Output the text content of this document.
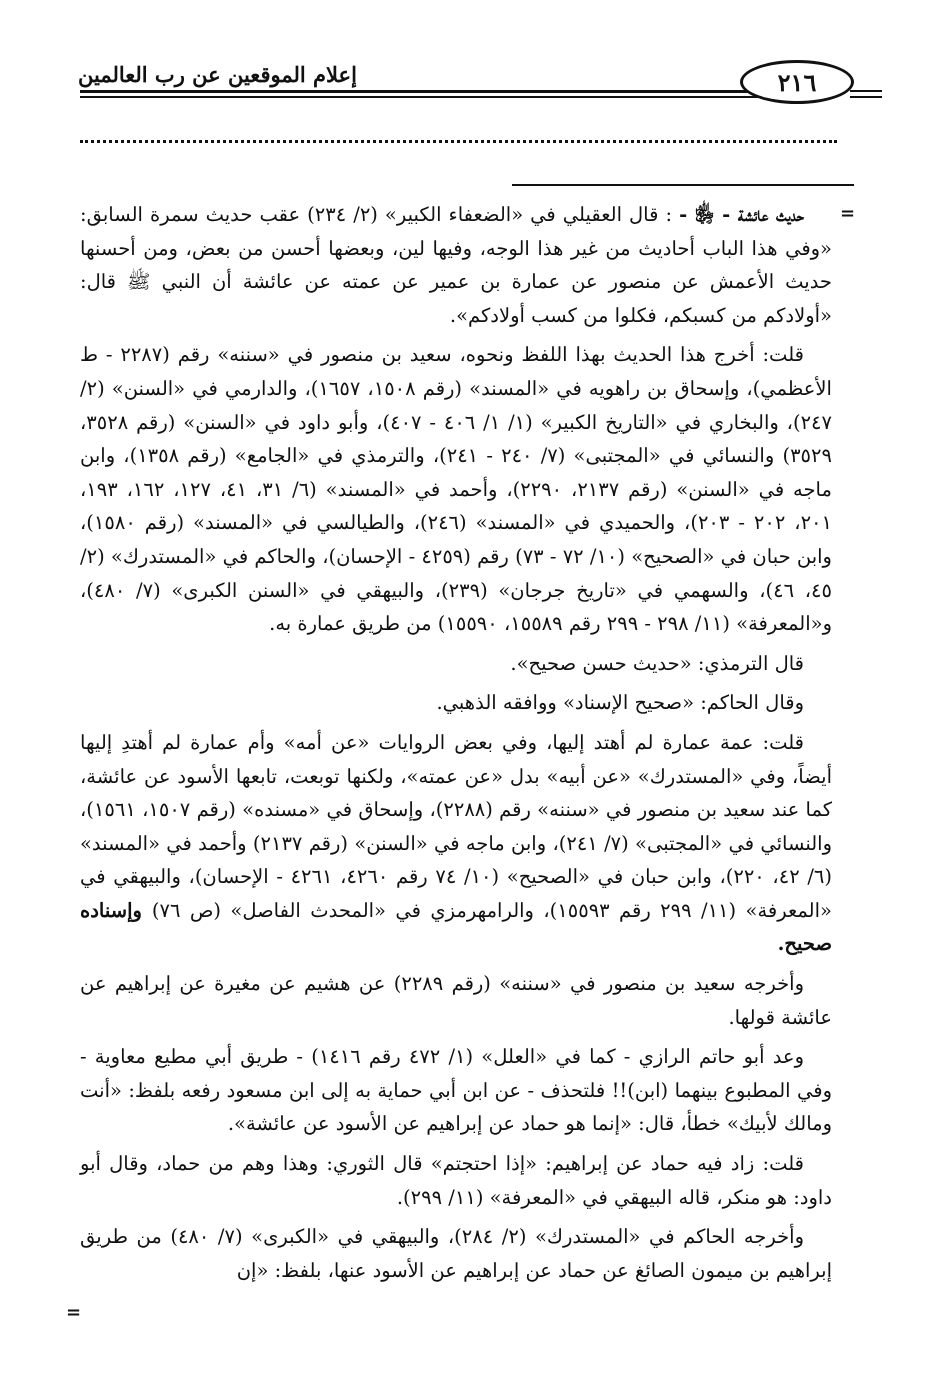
إعلام الموقعين عن رب العالمين	٢١٦
=

حديث عائشة - ﵂ - : قال العقيلي في «الضعفاء الكبير» (٢/ ٢٣٤) عقب حديث سمرة السابق: «وفي هذا الباب أحاديث من غير هذا الوجه، وفيها لين، وبعضها أحسن من بعض، ومن أحسنها حديث الأعمش عن منصور عن عمارة بن عمير عن عمته عن عائشة أن النبي ﷺ قال: «أولادكم من كسبكم، فكلوا من كسب أولادكم».

قلت: أخرج هذا الحديث بهذا اللفظ ونحوه، سعيد بن منصور في «سننه» رقم (٢٢٨٧ - ط الأعظمي)، وإسحاق بن راهويه في «المسند» (رقم ١٥٠٨، ١٦٥٧)، والدارمي في «السنن» (٢/ ٢٤٧)، والبخاري في «التاريخ الكبير» (١/ ١/ ٤٠٦ - ٤٠٧)، وأبو داود في «السنن» (رقم ٣٥٢٨، ٣٥٢٩) والنسائي في «المجتبى» (٧/ ٢٤٠ - ٢٤١)، والترمذي في «الجامع» (رقم ١٣٥٨)، وابن ماجه في «السنن» (رقم ٢١٣٧، ٢٢٩٠)، وأحمد في «المسند» (٦/ ٣١، ٤١، ١٢٧، ١٦٢، ١٩٣، ٢٠١، ٢٠٢ - ٢٠٣)، والحميدي في «المسند» (٢٤٦)، والطيالسي في «المسند» (رقم ١٥٨٠)، وابن حبان في «الصحيح» (١٠/ ٧٢ - ٧٣) رقم (٤٢٥٩ - الإحسان)، والحاكم في «المستدرك» (٢/ ٤٥، ٤٦)، والسهمي في «تاريخ جرجان» (٢٣٩)، والبيهقي في «السنن الكبرى» (٧/ ٤٨٠)، و«المعرفة» (١١/ ٢٩٨ - ٢٩٩ رقم ١٥٥٨٩، ١٥٥٩٠) من طريق عمارة به.

قال الترمذي: «حديث حسن صحيح».

وقال الحاكم: «صحيح الإسناد» ووافقه الذهبي.

قلت: عمة عمارة لم أهتد إليها، وفي بعض الروايات «عن أمه» وأم عمارة لم أهتدِ إليها أيضاً، وفي «المستدرك» «عن أبيه» بدل «عن عمته»، ولكنها توبعت، تابعها الأسود عن عائشة، كما عند سعيد بن منصور في «سننه» رقم (٢٢٨٨)، وإسحاق في «مسنده» (رقم ١٥٠٧، ١٥٦١)، والنسائي في «المجتبى» (٧/ ٢٤١)، وابن ماجه في «السنن» (رقم ٢١٣٧) وأحمد في «المسند» (٦/ ٤٢، ٢٢٠)، وابن حبان في «الصحيح» (١٠/ ٧٤ رقم ٤٢٦٠، ٤٢٦١ - الإحسان)، والبيهقي في «المعرفة» (١١/ ٢٩٩ رقم ١٥٥٩٣)، والرامهرمزي في «المحدث الفاصل» (ص ٧٦) وإسناده صحيح.

وأخرجه سعيد بن منصور في «سننه» (رقم ٢٢٨٩) عن هشيم عن مغيرة عن إبراهيم عن عائشة قولها.

وعد أبو حاتم الرازي - كما في «العلل» (١/ ٤٧٢ رقم ١٤١٦) - طريق أبي مطيع معاوية - وفي المطبوع بينهما (ابن)!! فلتحذف - عن ابن أبي حماية به إلى ابن مسعود رفعه بلفظ: «أنت ومالك لأبيك» خطأ، قال: «إنما هو حماد عن إبراهيم عن الأسود عن عائشة».

قلت: زاد فيه حماد عن إبراهيم: «إذا احتجتم» قال الثوري: وهذا وهم من حماد، وقال أبو داود: هو منكر، قاله البيهقي في «المعرفة» (١١/ ٢٩٩).

وأخرجه الحاكم في «المستدرك» (٢/ ٢٨٤)، والبيهقي في «الكبرى» (٧/ ٤٨٠) من طريق إبراهيم بن ميمون الصائغ عن حماد عن إبراهيم عن الأسود عنها، بلفظ: «إن

=
